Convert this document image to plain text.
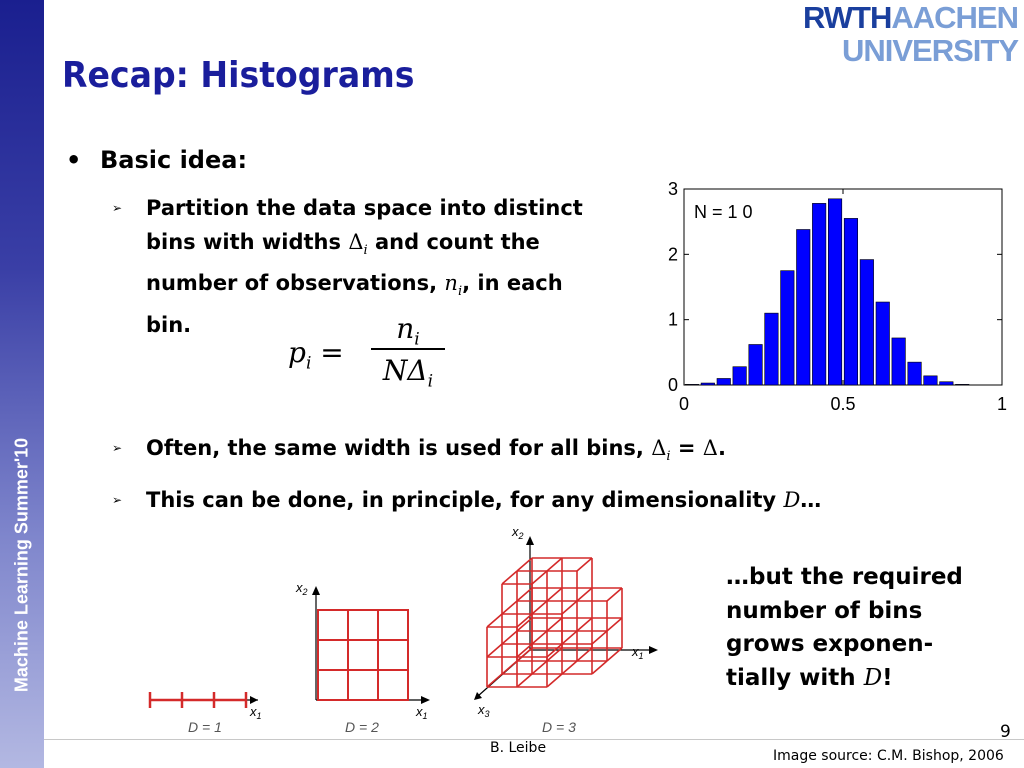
Machine Learning Summer'10
Recap: Histograms
RWTHAACHEN
UNIVERSITY
• Basic idea:
➢ Partition the data space into distinct
bins with widths $\Delta_i$ and count the
number of observations, $n_i$, in each
bin.
$p_i$ =
$n_i$
$N\Delta_i$
➢ Often, the same width is used for all bins, $\Delta_i = \Delta$.
➢ This can be done, in principle, for any dimensionality D…
0	0.5	1
0
1
2
3
N = 1 0
$x_1$
D = 1
$x_2$
$x_1$
D = 2
$x_2$
$x_1$
$x_3$
D = 3
…but the required
number of bins
grows exponen-
tially with D!
B. Leibe
9
Image source: C.M. Bishop, 2006
